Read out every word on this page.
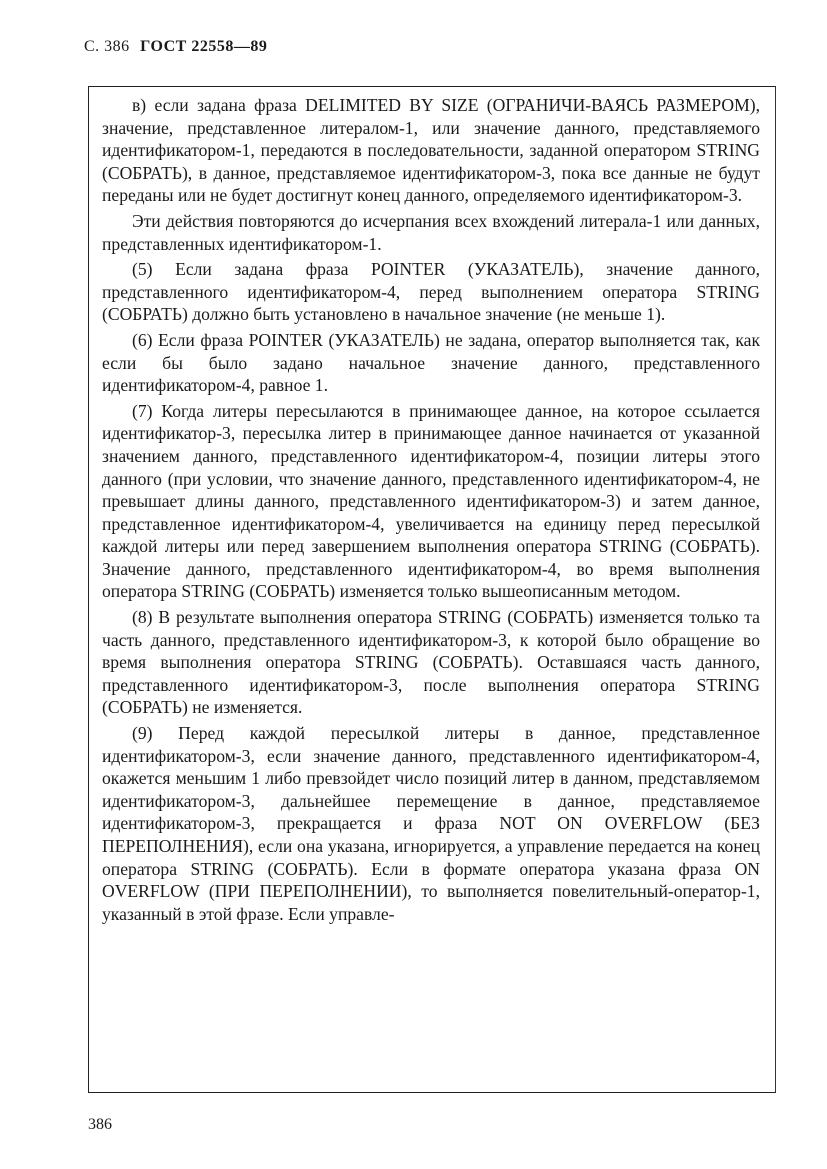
С. 386 ГОСТ 22558—89

в) если задана фраза DELIMITED BY SIZE (ОГРАНИЧИ-ВАЯСЬ РАЗМЕРОМ), значение, представленное литералом-1, или значение данного, представляемого идентификатором-1, передаются в последовательности, заданной оператором STRING (СОБРАТЬ), в данное, представляемое идентификатором-3, пока все данные не будут переданы или не будет достигнут конец данного, определяемого идентификатором-3.

Эти действия повторяются до исчерпания всех вхождений литерала-1 или данных, представленных идентификатором-1.

(5) Если задана фраза POINTER (УКАЗАТЕЛЬ), значение данного, представленного идентификатором-4, перед выполнением оператора STRING (СОБРАТЬ) должно быть установлено в начальное значение (не меньше 1).

(6) Если фраза POINTER (УКАЗАТЕЛЬ) не задана, оператор выполняется так, как если бы было задано начальное значение данного, представленного идентификатором-4, равное 1.

(7) Когда литеры пересылаются в принимающее данное, на которое ссылается идентификатор-3, пересылка литер в принимающее данное начинается от указанной значением данного, представленного идентификатором-4, позиции литеры этого данного (при условии, что значение данного, представленного идентификатором-4, не превышает длины данного, представленного идентификатором-3) и затем данное, представленное идентификатором-4, увеличивается на единицу перед пересылкой каждой литеры или перед завершением выполнения оператора STRING (СОБРАТЬ). Значение данного, представленного идентификатором-4, во время выполнения оператора STRING (СОБРАТЬ) изменяется только вышеописанным методом.

(8) В результате выполнения оператора STRING (СОБРАТЬ) изменяется только та часть данного, представленного идентификатором-3, к которой было обращение во время выполнения оператора STRING (СОБРАТЬ). Оставшаяся часть данного, представленного идентификатором-3, после выполнения оператора STRING (СОБРАТЬ) не изменяется.

(9) Перед каждой пересылкой литеры в данное, представленное идентификатором-3, если значение данного, представленного идентификатором-4, окажется меньшим 1 либо превзойдет число позиций литер в данном, представляемом идентификатором-3, дальнейшее перемещение в данное, представляемое идентификатором-3, прекращается и фраза NOT ON OVERFLOW (БЕЗ ПЕРЕПОЛНЕНИЯ), если она указана, игнорируется, а управление передается на конец оператора STRING (СОБРАТЬ). Если в формате оператора указана фраза ON OVERFLOW (ПРИ ПЕРЕПОЛНЕНИИ), то выполняется повелительный-оператор-1, указанный в этой фразе. Если управле-

386
